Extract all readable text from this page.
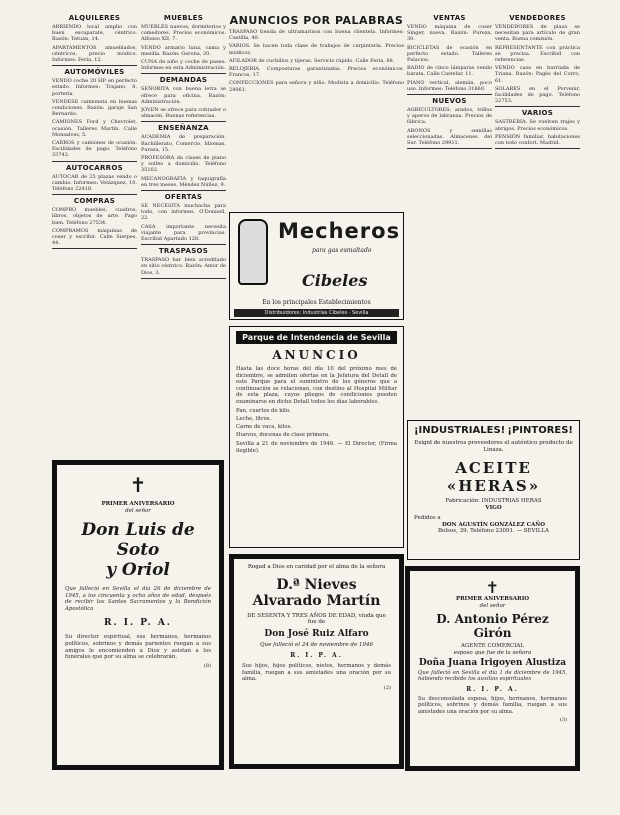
ALQUILERES
ARRIENDO local amplio con buen escaparate, céntrico. Razón: Tetuán, 14.
APARTAMENTOS amueblados, céntricos, precio módico. Informes: Feria, 12.
AUTOMÓVILES
VENDO coche 20 HP. en perfecto estado. Informes: Trajano, 8, portería.
VENDESE camioneta en buenas condiciones. Razón: garaje San Bernardo.
CAMIONES Ford y Chevrolet, ocasión. Talleres Martín. Calle Monsalves, 5.
CARROS y camiones de ocasión. Facilidades de pago. Teléfono 33742.
AUTOCARROS
AUTOCAR de 25 plazas vendo o cambio. Informes: Velázquez, 10. Teléfono 22418.
COMPRAS
COMPRO muebles, cuadros, libros, objetos de arte. Pago bien. Teléfono 27534.
COMPRAMOS máquinas de coser y escribir. Calle Sierpes, 44.
MUEBLES
MUEBLES nuevos, dormitorios y comedores. Precios económicos. Alfonso XII, 7.
VENDO armario luna, cama y mesilla. Razón: Gerona, 20.
CUNA de niño y coche de paseo. Informes en esta Administración.
DEMANDAS
SEÑORITA con buena letra se ofrece para oficina. Razón: Administración.
JOVEN se ofrece para cobrador o almacén. Buenas referencias.
ENSEÑANZA
ACADEMIA de preparación. Bachillerato, Comercio, Idiomas. Pureza, 15.
PROFESORA da clases de piano y solfeo a domicilio. Teléfono 35102.
MECANOGRAFÍA y taquigrafía en tres meses. Méndez Núñez, 9.
OFERTAS
SE NECESITA muchacha para todo, con informes. O'Donnell, 22.
CASA importante necesita viajante para provincias. Escribid Apartado 128.
TRASPASOS
TRASPASO bar bien acreditado en sitio céntrico. Razón: Amor de Dios, 3.
ANUNCIOS POR PALABRAS
TRASPASO tienda de ultramarinos con buena clientela. Informes: Castilla, 40.
VARIOS. Se hacen toda clase de trabajos de carpintería. Precios módicos.
AFILADOR de cuchillos y tijeras. Servicio rápido. Calle Feria, 88.
RELOJERÍA. Composturas garantizadas. Precios económicos. Francos, 17.
CONFECCIONES para señora y niño. Modista a domicilio. Teléfono 24061.
Mecheros
para gas esmaltado
Cibeles
En los principales Establecimientos
Distribuidores: Industrias Cibeles · Sevilla
Parque de Intendencia de Sevilla
ANUNCIO
Hasta las doce horas del día 10 del próximo mes de diciembre, se admiten ofertas en la Jefatura del Detall de este Parque para el suministro de los géneros que a continuación se relacionan, con destino al Hospital Militar de esta plaza, cuyos pliegos de condiciones pueden examinarse en dicho Detall todos los días laborables.
Pan, cuartos de kilo.
Leche, litros.
Carne de vaca, kilos.
Huevos, docenas de clase primera.
Sevilla a 21 de noviembre de 1946. — El Director, (Firma ilegible).
Rogad a Dios en caridad por el alma de la señora
D.ª Nieves Alvarado Martín
DE SESENTA Y TRES AÑOS DE EDAD, viuda que fue de
Don José Ruiz Alfaro
Que falleció el 24 de noviembre de 1946
R. I. P. A.
Sus hijos, hijos políticos, nietos, hermanos y demás familia, ruegan a sus amistades una oración por su alma.
(2)
VENTAS
VENDO máquina de coser Singer, nueva. Razón: Pureza, 30.
BICICLETAS de ocasión en perfecto estado. Talleres Palacios.
RADIO de cinco lámparas vendo barata. Calle Castelar, 11.
PIANO vertical, alemán, poco uso. Informes: Teléfono 31860.
NUEVOS
AGRICULTORES: arados, trillos y aperos de labranza. Precios de fábrica.
ABONOS y semillas seleccionadas. Almacenes del Sur. Teléfono 29911.
VENDEDORES
VENDEDORES de plaza se necesitan para artículo de gran venta. Buena comisión.
REPRESENTANTE con práctica se precisa. Escribid con referencias.
VENDO casa en barriada de Triana. Razón: Pagés del Corro, 61.
SOLARES en el Porvenir, facilidades de pago. Teléfono 22753.
VARIOS
SASTRERÍA. Se vuelven trajes y abrigos. Precios económicos.
PENSIÓN familiar, habitaciones con todo confort. Madrid.
¡INDUSTRIALES! ¡PINTORES!
Exigid de nuestros proveedores el auténtico producto de Linaza.
ACEITE «HERAS»
Fabricación: INDUSTRIAS HERAS
VIGO
Pedidos a
DON AGUSTÍN GONZÁLEZ CAÑO
Bolsos, 39. Teléfono 23091. — SEVILLA
✝
PRIMER ANIVERSARIO
del señor
D. Antonio Pérez Girón
AGENTE COMERCIAL
esposo que fue de la señora
Doña Juana Irigoyen Alustiza
Que falleció en Sevilla el día 1 de diciembre de 1945, habiendo recibido los auxilios espirituales
R. I. P. A.
Su desconsolada esposa, hijos, hermanos, hermanos políticos, sobrinos y demás familia, ruegan a sus amistades una oración por su alma.
(3)
✝
PRIMER ANIVERSARIO
del señor
Don Luis de Soto
y Oriol
Que falleció en Sevilla el día 26 de diciembre de 1945, a los cincuenta y ocho años de edad, después de recibir los Santos Sacramentos y la Bendición Apostólica
R. I. P. A.
Su director espiritual, sus hermanos, hermanos políticos, sobrinos y demás parientes ruegan a sus amigos le encomienden a Dios y asistan a los funerales que por su alma se celebrarán.
(8)
